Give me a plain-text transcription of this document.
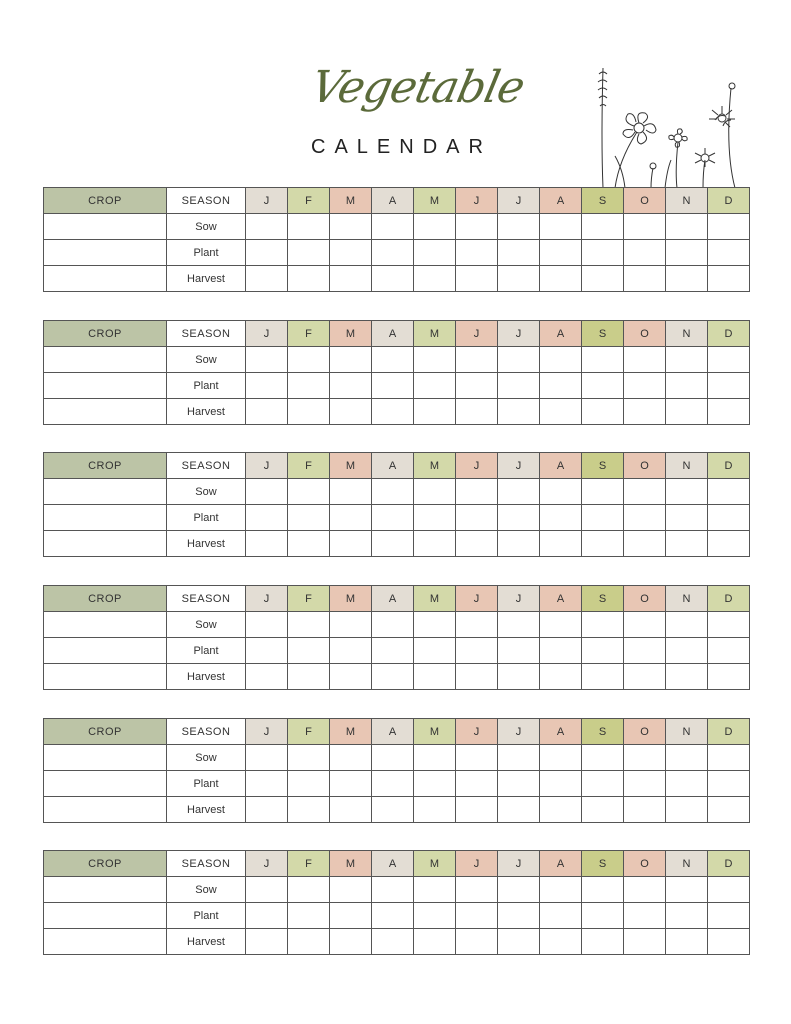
Vegetable
CALENDAR
CROP	SEASON	J	F	M	A	M	J	J	A	S	O	N	D
	Sow												
	Plant												
	Harvest												
CROP	SEASON	J	F	M	A	M	J	J	A	S	O	N	D
	Sow												
	Plant												
	Harvest												
CROP	SEASON	J	F	M	A	M	J	J	A	S	O	N	D
	Sow												
	Plant												
	Harvest												
CROP	SEASON	J	F	M	A	M	J	J	A	S	O	N	D
	Sow												
	Plant												
	Harvest												
CROP	SEASON	J	F	M	A	M	J	J	A	S	O	N	D
	Sow												
	Plant												
	Harvest												
CROP	SEASON	J	F	M	A	M	J	J	A	S	O	N	D
	Sow												
	Plant												
	Harvest												
